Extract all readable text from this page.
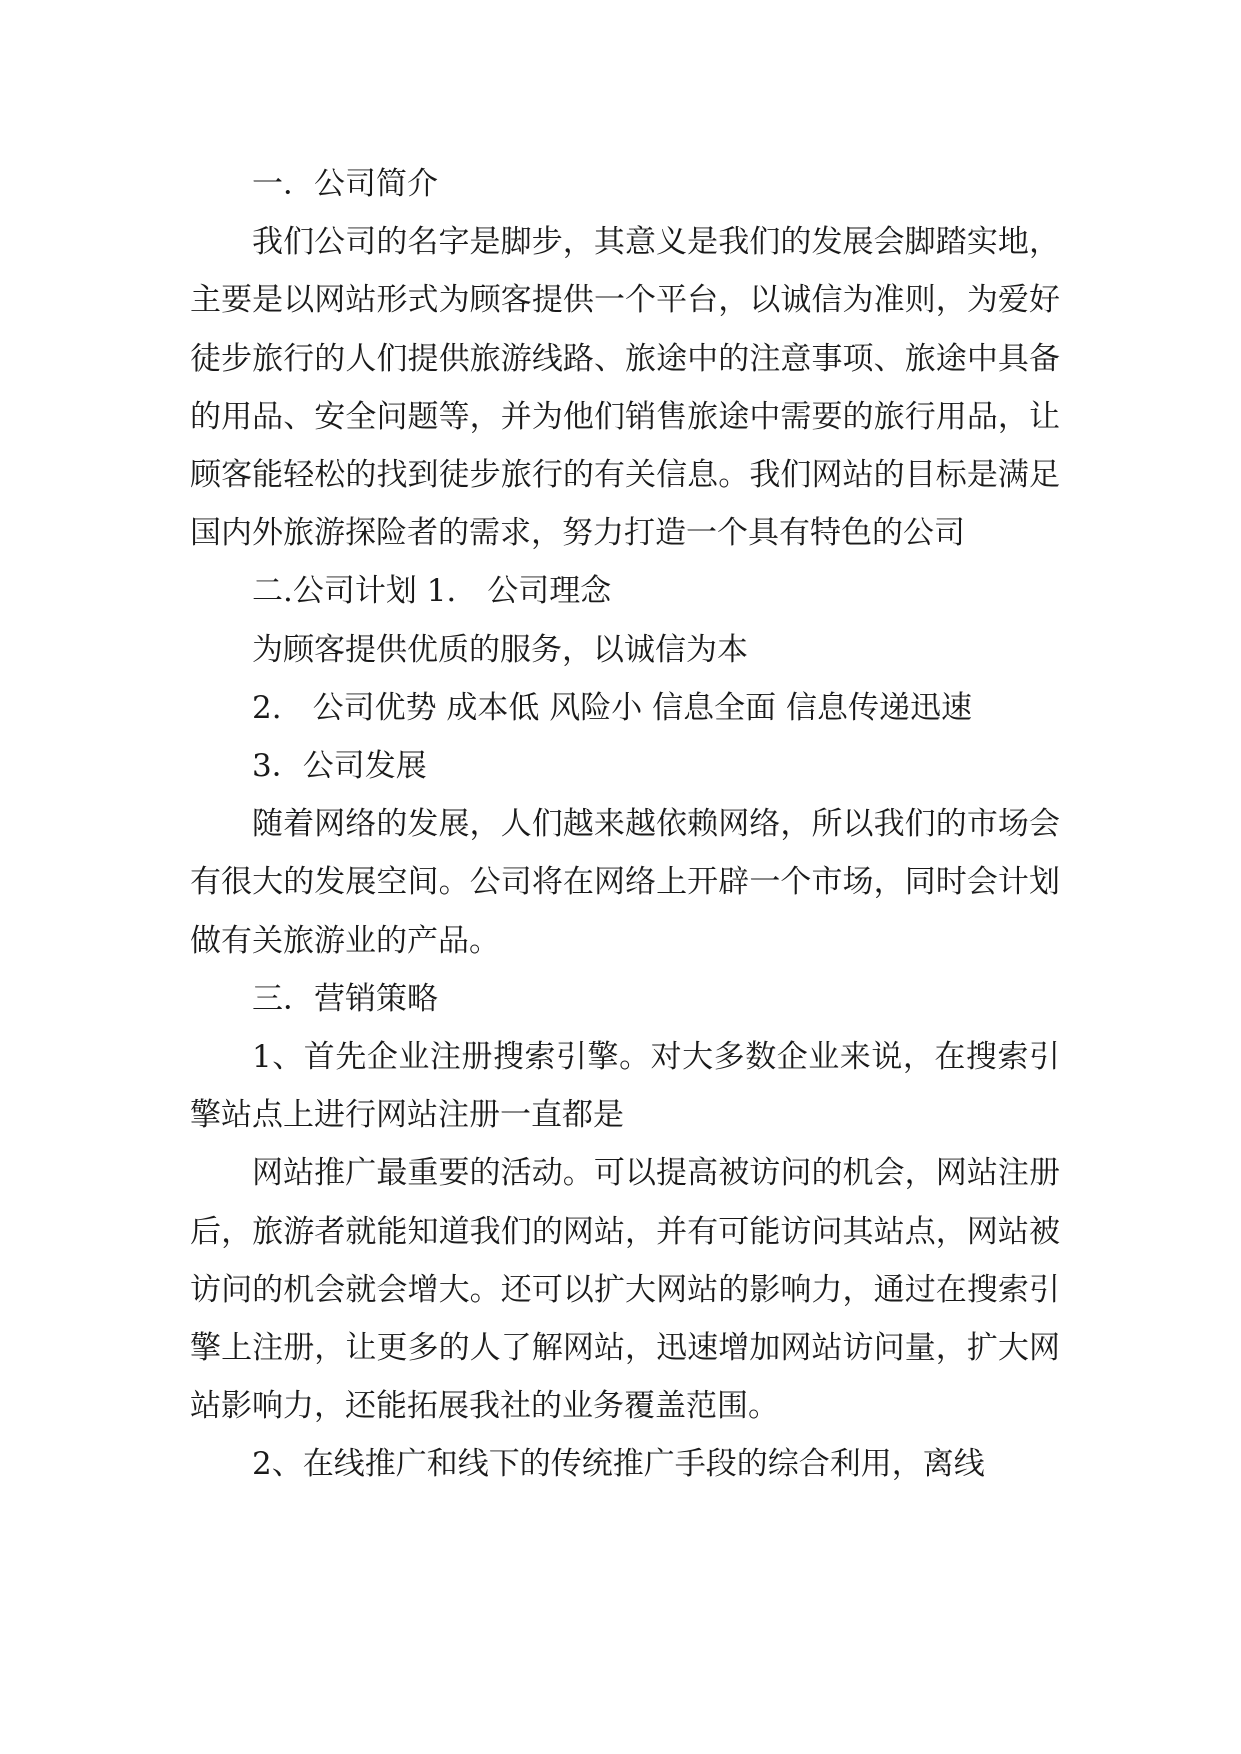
一．公司简介

我们公司的名字是脚步，其意义是我们的发展会脚踏实地，主要是以网站形式为顾客提供一个平台，以诚信为准则，为爱好徒步旅行的人们提供旅游线路、旅途中的注意事项、旅途中具备的用品、安全问题等，并为他们销售旅途中需要的旅行用品，让顾客能轻松的找到徒步旅行的有关信息。我们网站的目标是满足国内外旅游探险者的需求，努力打造一个具有特色的公司

二.公司计划 1.　公司理念

为顾客提供优质的服务，以诚信为本

2.　公司优势 成本低 风险小 信息全面 信息传递迅速

3．公司发展

随着网络的发展，人们越来越依赖网络，所以我们的市场会有很大的发展空间。公司将在网络上开辟一个市场，同时会计划做有关旅游业的产品。

三．营销策略

1、首先企业注册搜索引擎。对大多数企业来说，在搜索引擎站点上进行网站注册一直都是

网站推广最重要的活动。可以提高被访问的机会，网站注册后，旅游者就能知道我们的网站，并有可能访问其站点，网站被访问的机会就会增大。还可以扩大网站的影响力，通过在搜索引擎上注册，让更多的人了解网站，迅速增加网站访问量，扩大网站影响力，还能拓展我社的业务覆盖范围。

2、在线推广和线下的传统推广手段的综合利用，离线
